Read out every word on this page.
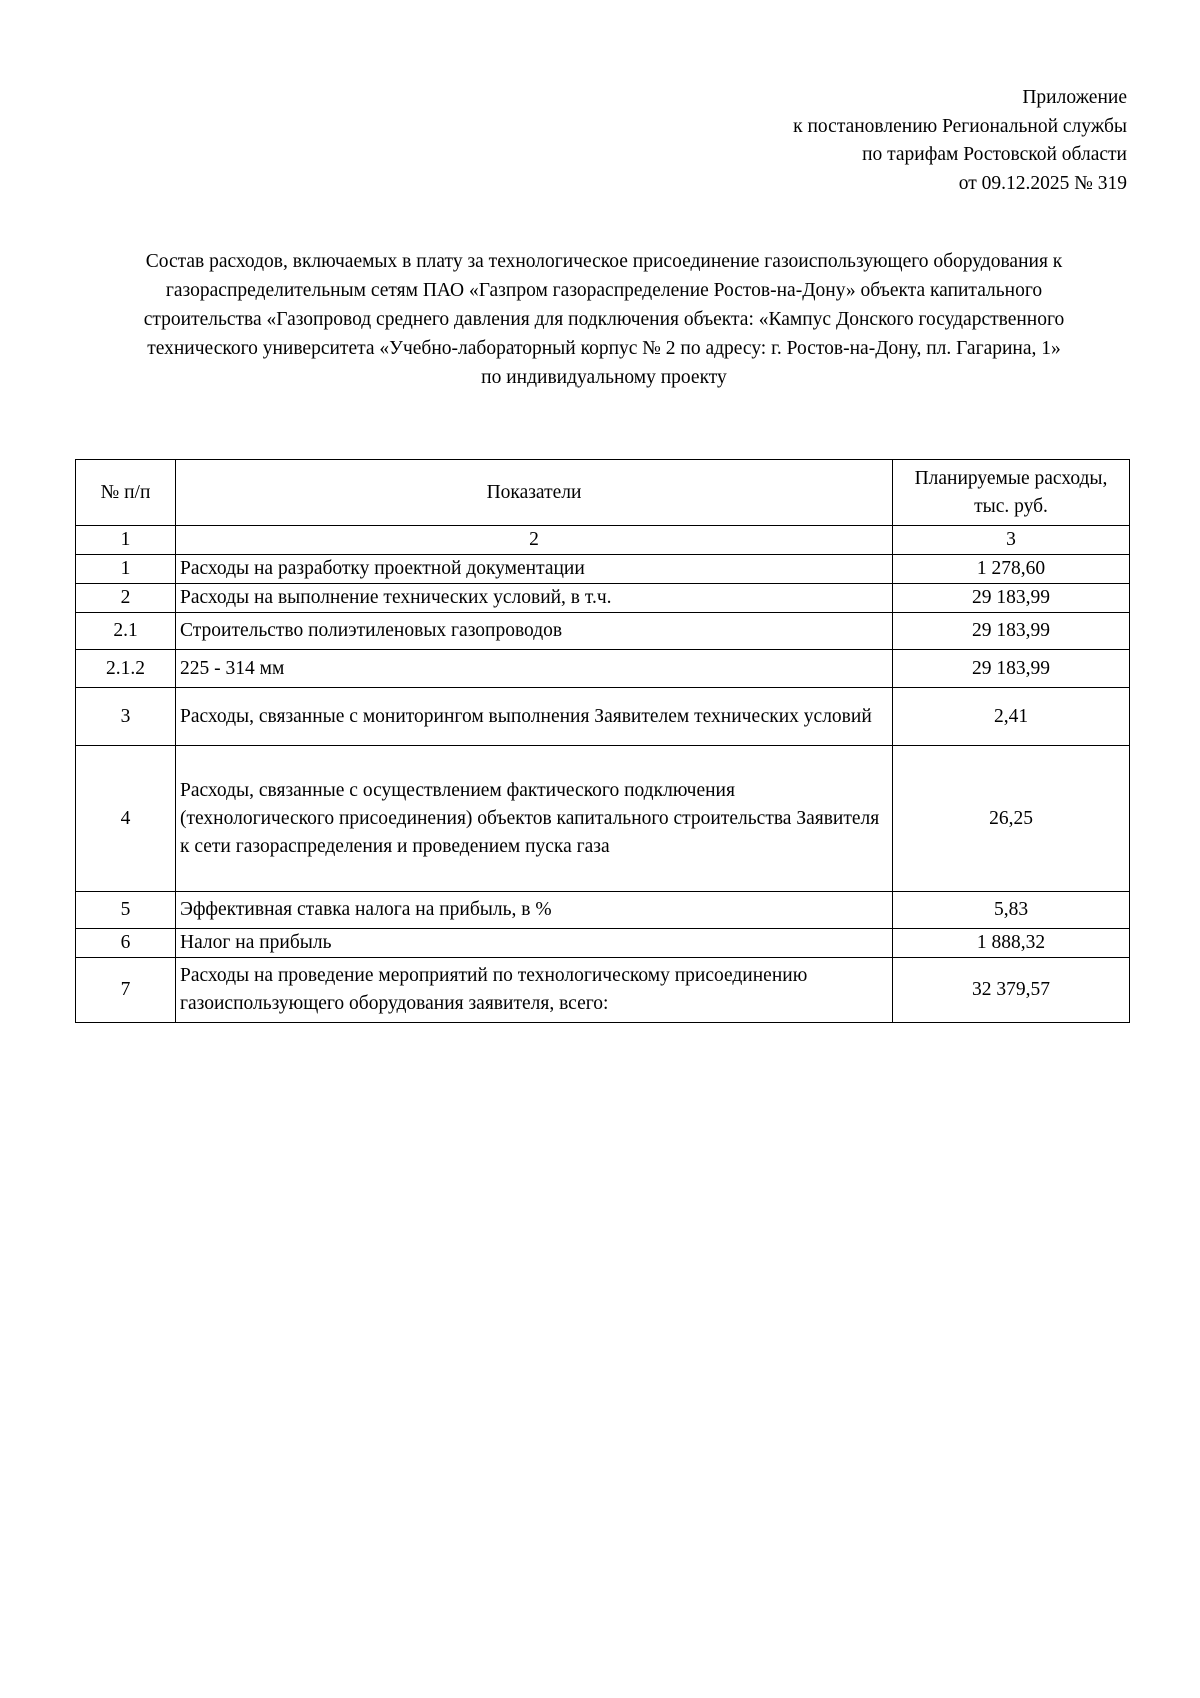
Приложение
к постановлению Региональной службы
по тарифам Ростовской области
от 09.12.2025 № 319
Состав расходов, включаемых в плату за технологическое присоединение газоиспользующего оборудования к
газораспределительным сетям ПАО «Газпром газораспределение Ростов-на-Дону» объекта капитального
строительства «Газопровод среднего давления для подключения объекта: «Кампус Донского государственного
технического университета «Учебно-лабораторный корпус № 2 по адресу: г. Ростов-на-Дону, пл. Гагарина, 1»
по индивидуальному проекту
№ п/п	Показатели	Планируемые расходы,
тыс. руб.

1	2	3
1	Расходы на разработку проектной документации	1 278,60
2	Расходы на выполнение технических условий, в т.ч.	29 183,99
2.1	Строительство полиэтиленовых газопроводов	29 183,99
2.1.2	225 - 314 мм	29 183,99
3	Расходы, связанные с мониторингом выполнения Заявителем технических условий	2,41
4	Расходы, связанные с осуществлением фактического подключения (технологического присоединения) объектов капитального строительства Заявителя к сети газораспределения и проведением пуска газа	26,25
5	Эффективная ставка налога на прибыль, в %	5,83
6	Налог на прибыль	1 888,32
7	Расходы на проведение мероприятий по технологическому присоединению газоиспользующего оборудования заявителя, всего:	32 379,57
